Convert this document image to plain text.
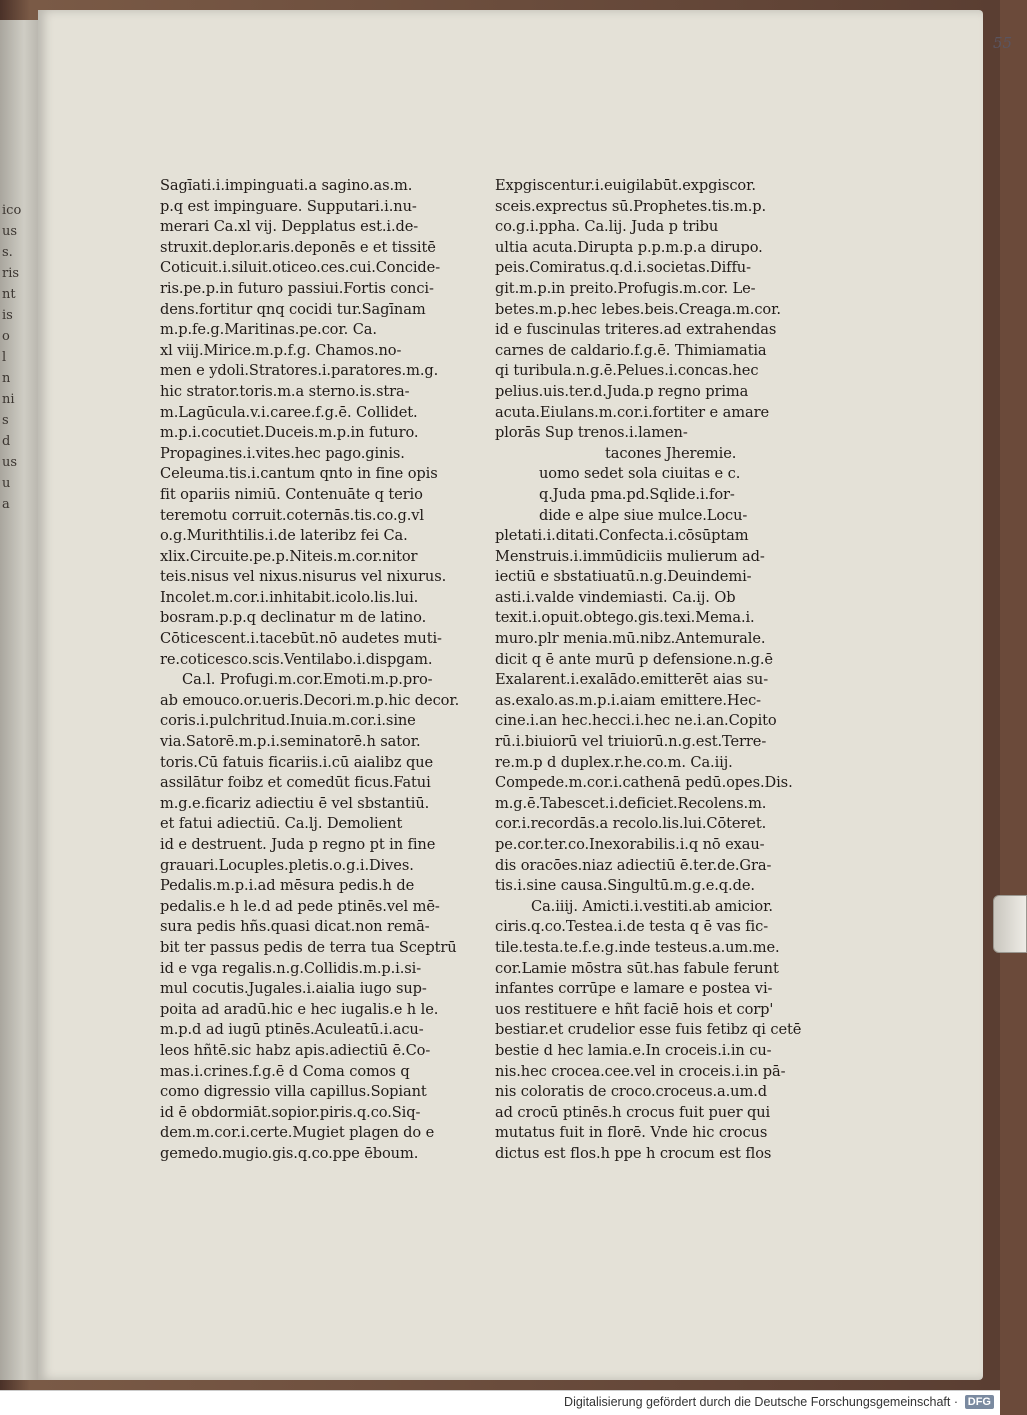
ico
us
s.
ris
nt
is
o
l
n
ni
s
d
us
u
a
55
Sagīati.i.impinguati.a sagino.as.m.
p.q est impinguare. Supputari.i.nu-
merari Ca.xl vij. Depplatus est.i.de-
struxit.deplor.aris.deponēs e et tissitē
Coticuit.i.siluit.oticeo.ces.cui.Concide-
ris.pe.p.in futuro passiui.Fortis conci-
dens.fortitur qnq cocidi tur.Sagīnam
m.p.fe.g.Maritinas.pe.cor. Ca.
xl viij.Mirice.m.p.f.g. Chamos.no-
men e ydoli.Stratores.i.paratores.m.g.
hic strator.toris.m.a sterno.is.stra-
m.Lagūcula.v.i.caree.f.g.ē. Collidet.
m.p.i.cocutiet.Duceis.m.p.in futuro.
Propagines.i.vites.hec pago.ginis.
Celeuma.tis.i.cantum qnto in fine opis
fit opariis nimiū. Contenuāte q terio
teremotu corruit.coternās.tis.co.g.vl
o.g.Murithtilis.i.de lateribz fei Ca.
xlix.Circuite.pe.p.Niteis.m.cor.nitor
teis.nisus vel nixus.nisurus vel nixurus.
Incolet.m.cor.i.inhitabit.icolo.lis.lui.
bosram.p.p.q declinatur m de latino.
Cōticescent.i.tacebūt.nō audetes muti-
re.coticesco.scis.Ventilabo.i.dispgam.
Ca.l. Profugi.m.cor.Emoti.m.p.pro-
ab emouco.or.ueris.Decori.m.p.hic decor.
coris.i.pulchritud.Inuia.m.cor.i.sine
via.Satorē.m.p.i.seminatorē.h sator.
toris.Cū fatuis ficariis.i.cū aialibz que
assilātur foibz et comedūt ficus.Fatui
m.g.e.ficariz adiectiu ē vel sbstantiū.
et fatui adiectiū. Ca.lj. Demolient
id e destruent. Juda p regno pt in fine
grauari.Locuples.pletis.o.g.i.Dives.
Pedalis.m.p.i.ad mēsura pedis.h de
pedalis.e h le.d ad pede ptinēs.vel mē-
sura pedis hñs.quasi dicat.non remā-
bit ter passus pedis de terra tua Sceptrū
id e vga regalis.n.g.Collidis.m.p.i.si-
mul cocutis.Jugales.i.aialia iugo sup-
poita ad aradū.hic e hec iugalis.e h le.
m.p.d ad iugū ptinēs.Aculeatū.i.acu-
leos hñtē.sic habz apis.adiectiū ē.Co-
mas.i.crines.f.g.ē d Coma comos q
como digressio villa capillus.Sopiant
id ē obdormiāt.sopior.piris.q.co.Siq-
dem.m.cor.i.certe.Mugiet plagen do e
gemedo.mugio.gis.q.co.ppe ēboum.
Expgiscentur.i.euigilabūt.expgiscor.
sceis.exprectus sū.Prophetes.tis.m.p.
co.g.i.ppha. Ca.lij. Juda p tribu
ultia acuta.Dirupta p.p.m.p.a dirupo.
peis.Comiratus.q.d.i.societas.Diffu-
git.m.p.in preito.Profugis.m.cor. Le-
betes.m.p.hec lebes.beis.Creaga.m.cor.
id e fuscinulas triteres.ad extrahendas
carnes de caldario.f.g.ē. Thimiamatia
qi turibula.n.g.ē.Pelues.i.concas.hec
pelius.uis.ter.d.Juda.p regno prima
acuta.Eiulans.m.cor.i.fortiter e amare
plorās Sup trenos.i.lamen-
tacones Jheremie.
uomo sedet sola ciuitas e c.
q.Juda pma.pd.Sqlide.i.for-
dide e alpe siue mulce.Locu-
pletati.i.ditati.Confecta.i.cōsūptam
Menstruis.i.immūdiciis mulierum ad-
iectiū e sbstatiuatū.n.g.Deuindemi-
asti.i.valde vindemiasti. Ca.ij. Ob
texit.i.opuit.obtego.gis.texi.Mema.i.
muro.plr menia.mū.nibz.Antemurale.
dicit q ē ante murū p defensione.n.g.ē
Exalarent.i.exalādo.emitterēt aias su-
as.exalo.as.m.p.i.aiam emittere.Hec-
cine.i.an hec.hecci.i.hec ne.i.an.Copito
rū.i.biuiorū vel triuiorū.n.g.est.Terre-
re.m.p d duplex.r.he.co.m. Ca.iij.
Compede.m.cor.i.cathenā pedū.opes.Dis.
m.g.ē.Tabescet.i.deficiet.Recolens.m.
cor.i.recordās.a recolo.lis.lui.Cōteret.
pe.cor.ter.co.Inexorabilis.i.q nō exau-
dis oracōes.niaz adiectiū ē.ter.de.Gra-
tis.i.sine causa.Singultū.m.g.e.q.de.
Ca.iiij. Amicti.i.vestiti.ab amicior.
ciris.q.co.Testea.i.de testa q ē vas fic-
tile.testa.te.f.e.g.inde testeus.a.um.me.
cor.Lamie mōstra sūt.has fabule ferunt
infantes corrūpe e lamare e postea vi-
uos restituere e hñt faciē hois et corp'
bestiar.et crudelior esse fuis fetibz qi cetē
bestie d hec lamia.e.In croceis.i.in cu-
nis.hec crocea.cee.vel in croceis.i.in pā-
nis coloratis de croco.croceus.a.um.d
ad crocū ptinēs.h crocus fuit puer qui
mutatus fuit in florē. Vnde hic crocus
dictus est flos.h ppe h crocum est flos
Digitalisierung gefördert durch die Deutsche Forschungsgemeinschaft · DFG
